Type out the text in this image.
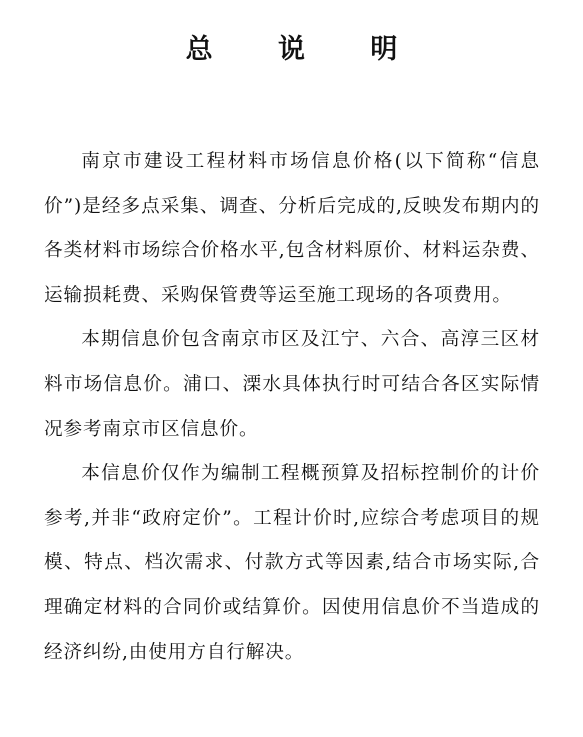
总 说 明

南京市建设工程材料市场信息价格(以下简称“信息价”)是经多点采集、调查、分析后完成的,反映发布期内的各类材料市场综合价格水平,包含材料原价、材料运杂费、运输损耗费、采购保管费等运至施工现场的各项费用。

本期信息价包含南京市区及江宁、六合、高淳三区材料市场信息价。浦口、溧水具体执行时可结合各区实际情况参考南京市区信息价。

本信息价仅作为编制工程概预算及招标控制价的计价参考,并非“政府定价”。工程计价时,应综合考虑项目的规模、特点、档次需求、付款方式等因素,结合市场实际,合理确定材料的合同价或结算价。因使用信息价不当造成的经济纠纷,由使用方自行解决。
